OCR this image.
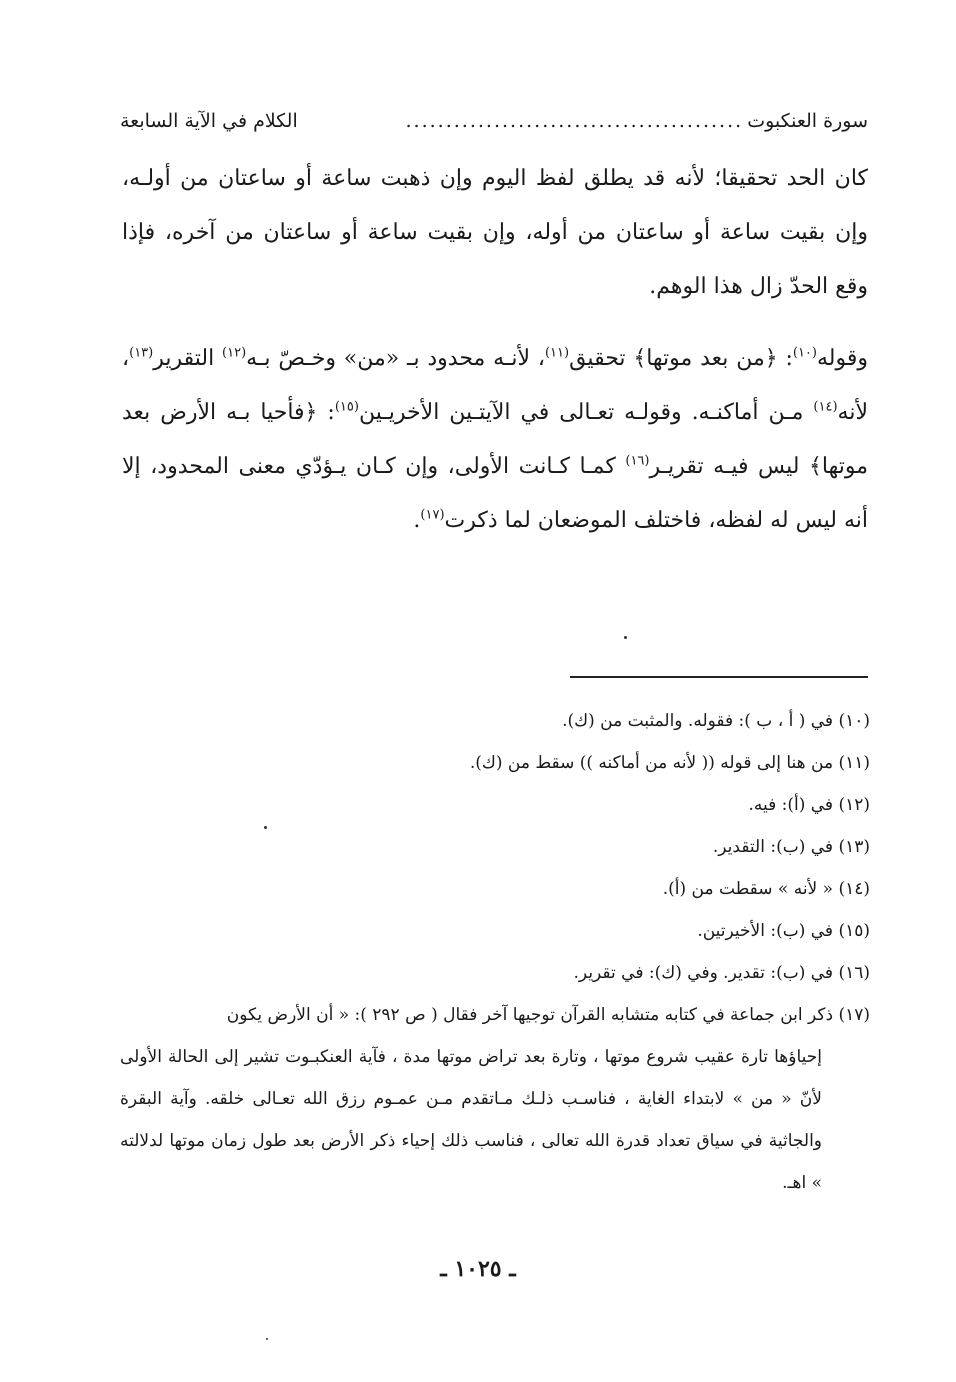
سورة العنكبوت
..........................................
الكلام في الآية السابعة

كان الحد تحقيقا؛ لأنه قد يطلق لفظ اليوم وإن ذهبت ساعة أو ساعتان من أولـه، وإن بقيت ساعة أو ساعتان من أوله، وإن بقيت ساعة أو ساعتان من آخره، فإذا وقع الحدّ زال هذا الوهم.

وقوله$^{(١٠)}$: ﴿من بعد موتها﴾ تحقيق$^{(١١)}$، لأنـه محدود بـ «من» وخـصّ بـه$^{(١٢)}$ التقرير$^{(١٣)}$، لأنه$^{(١٤)}$ مـن أماكنـه. وقولـه تعـالى في الآيتـين الأخريـين$^{(١٥)}$: ﴿فأحيا بـه الأرض بعد موتها﴾ ليس فيـه تقريـر$^{(١٦)}$ كمـا كـانت الأولى، وإن كـان يـؤدّي معنى المحدود، إلا أنه ليس له لفظه، فاختلف الموضعان لما ذكرت$^{(١٧)}$.

(١٠) في ( أ ، ب ): فقوله. والمثبت من (ك).

(١١) من هنا إلى قوله (( لأنه من أماكنه )) سقط من (ك).

(١٢) في (أ): فيه.

(١٣) في (ب): التقدير.

(١٤) « لأنه » سقطت من (أ).

(١٥) في (ب): الأخيرتين.

(١٦) في (ب): تقدير. وفي (ك): في تقرير.

(١٧) ذكر ابن جماعة في كتابه متشابه القرآن توجيها آخر فقال ( ص ٢٩٢ ): « أن الأرض يكون

إحياؤها تارة عقيب شروع موتها ، وتارة بعد تراض موتها مدة ، فآية العنكبـوت تشير إلى الحالة الأولى لأنّ « من » لابتداء الغاية ، فناسـب ذلـك مـاتقدم مـن عمـوم رزق الله تعـالى خلقه. وآية البقرة والجاثية في سياق تعداد قدرة الله تعالى ، فناسب ذلك إحياء ذكر الأرض بعد طول زمان موتها لدلالته » اهـ.

ـ ١٠٢٥ ـ
